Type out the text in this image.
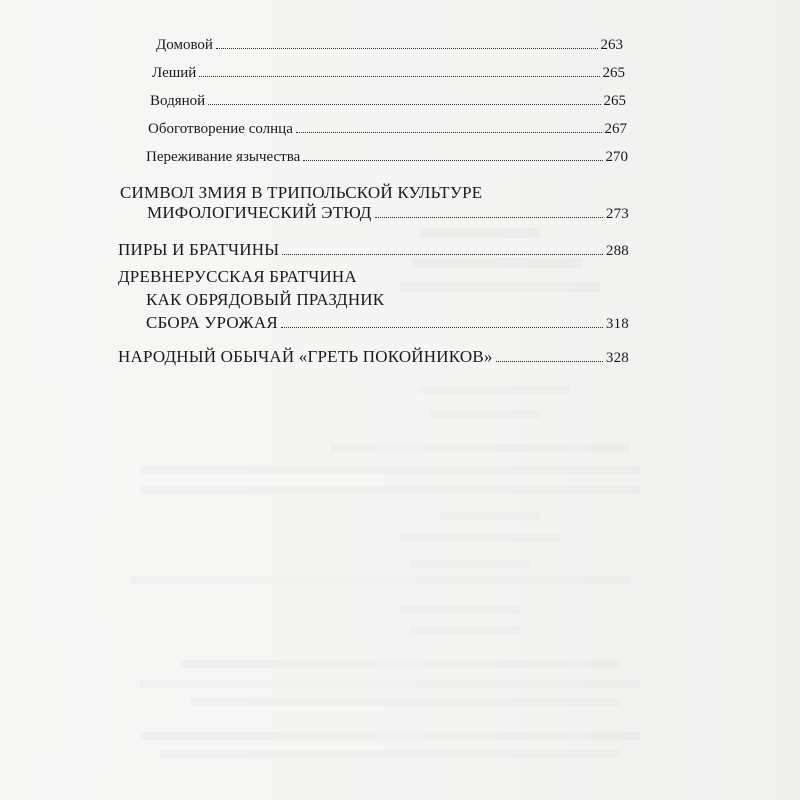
Домовой	263
Леший	265
Водяной	265
Обоготворение солнца	267
Переживание язычества	270
СИМВОЛ ЗМИЯ В ТРИПОЛЬСКОЙ КУЛЬТУРЕ
МИФОЛОГИЧЕСКИЙ ЭТЮД	273
ПИРЫ И БРАТЧИНЫ	288
ДРЕВНЕРУССКАЯ БРАТЧИНА
КАК ОБРЯДОВЫЙ ПРАЗДНИК
СБОРА УРОЖАЯ	318
НАРОДНЫЙ ОБЫЧАЙ «ГРЕТЬ ПОКОЙНИКОВ»	328
